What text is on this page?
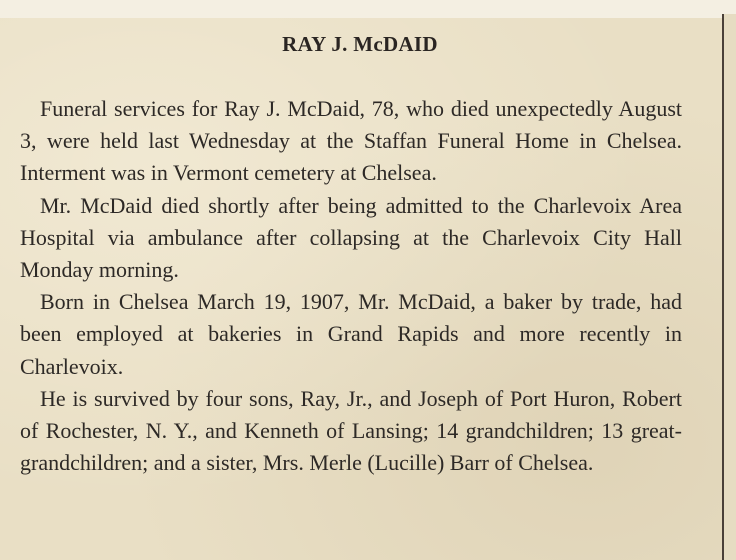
RAY J. McDAID

Funeral services for Ray J. McDaid, 78, who died unexpectedly August 3, were held last Wednesday at the Staffan Funeral Home in Chelsea. Interment was in Vermont cemetery at Chelsea.

Mr. McDaid died shortly after being admitted to the Charlevoix Area Hospital via ambulance after collapsing at the Charlevoix City Hall Monday morning.

Born in Chelsea March 19, 1907, Mr. McDaid, a baker by trade, had been employed at bakeries in Grand Rapids and more recently in Charlevoix.

He is survived by four sons, Ray, Jr., and Joseph of Port Huron, Robert of Rochester, N. Y., and Kenneth of Lansing; 14 grandchildren; 13 great-grandchildren; and a sister, Mrs. Merle (Lucille) Barr of Chelsea.
